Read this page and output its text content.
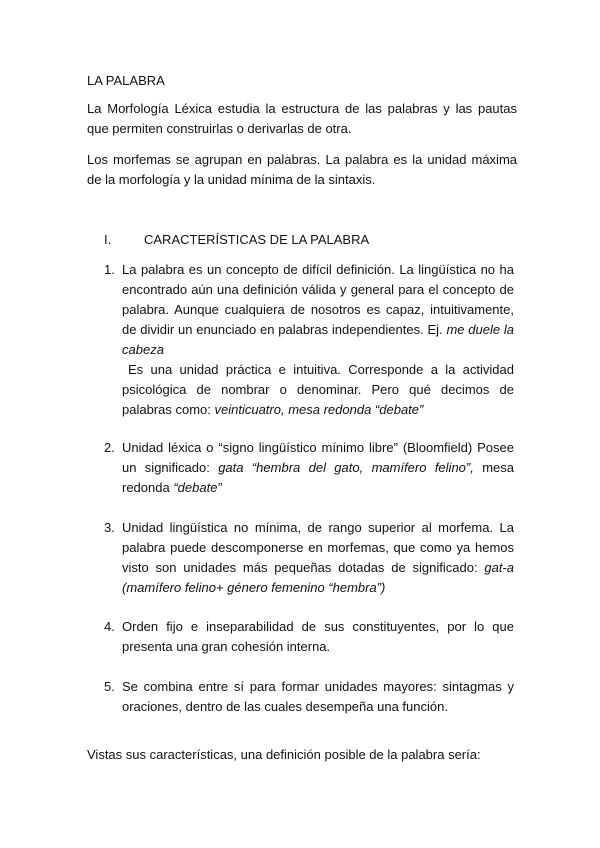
LA PALABRA

La Morfología Léxica estudia la estructura de las palabras y las pautas que permiten construirlas o derivarlas de otra.

Los morfemas se agrupan en palabras. La palabra es la unidad máxima de la morfología y la unidad mínima de la sintaxis.

I.	CARACTERÍSTICAS DE LA PALABRA
1. La palabra es un concepto de difícil definición. La lingüística no ha encontrado aún una definición válida y general para el concepto de palabra. Aunque cualquiera de nosotros es capaz, intuitivamente, de dividir un enunciado en palabras independientes. Ej. me duele la cabeza
Es una unidad práctica e intuitiva. Corresponde a la actividad psicológica de nombrar o denominar. Pero qué decimos de palabras como: veinticuatro, mesa redonda “debate”
2. Unidad léxica o “signo lingüístico mínimo libre” (Bloomfield) Posee un significado: gata “hembra del gato, mamífero felino”, mesa redonda “debate”
3. Unidad lingüística no mínima, de rango superior al morfema. La palabra puede descomponerse en morfemas, que como ya hemos visto son unidades más pequeñas dotadas de significado: gat-a (mamífero felino+ género femenino “hembra”)
4. Orden fijo e inseparabilidad de sus constituyentes, por lo que presenta una gran cohesión interna.
5. Se combina entre sí para formar unidades mayores: sintagmas y oraciones, dentro de las cuales desempeña una función.

Vistas sus características, una definición posible de la palabra sería:
